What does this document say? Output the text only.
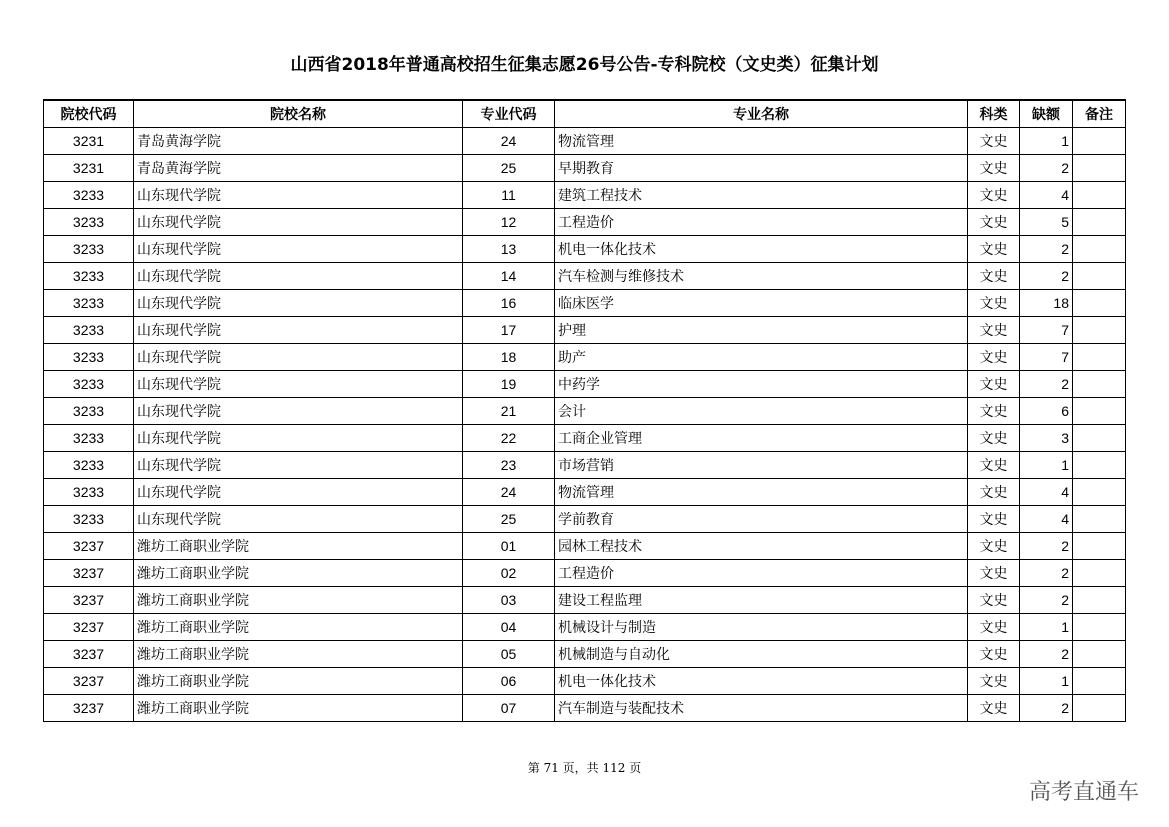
山西省2018年普通高校招生征集志愿26号公告-专科院校（文史类）征集计划
院校代码	院校名称	专业代码	专业名称	科类	缺额	备注
3231	青岛黄海学院	24	物流管理	文史	1	
3231	青岛黄海学院	25	早期教育	文史	2	
3233	山东现代学院	11	建筑工程技术	文史	4	
3233	山东现代学院	12	工程造价	文史	5	
3233	山东现代学院	13	机电一体化技术	文史	2	
3233	山东现代学院	14	汽车检测与维修技术	文史	2	
3233	山东现代学院	16	临床医学	文史	18	
3233	山东现代学院	17	护理	文史	7	
3233	山东现代学院	18	助产	文史	7	
3233	山东现代学院	19	中药学	文史	2	
3233	山东现代学院	21	会计	文史	6	
3233	山东现代学院	22	工商企业管理	文史	3	
3233	山东现代学院	23	市场营销	文史	1	
3233	山东现代学院	24	物流管理	文史	4	
3233	山东现代学院	25	学前教育	文史	4	
3237	潍坊工商职业学院	01	园林工程技术	文史	2	
3237	潍坊工商职业学院	02	工程造价	文史	2	
3237	潍坊工商职业学院	03	建设工程监理	文史	2	
3237	潍坊工商职业学院	04	机械设计与制造	文史	1	
3237	潍坊工商职业学院	05	机械制造与自动化	文史	2	
3237	潍坊工商职业学院	06	机电一体化技术	文史	1	
3237	潍坊工商职业学院	07	汽车制造与装配技术	文史	2	
第 71 页，共 112 页
高考直通车
